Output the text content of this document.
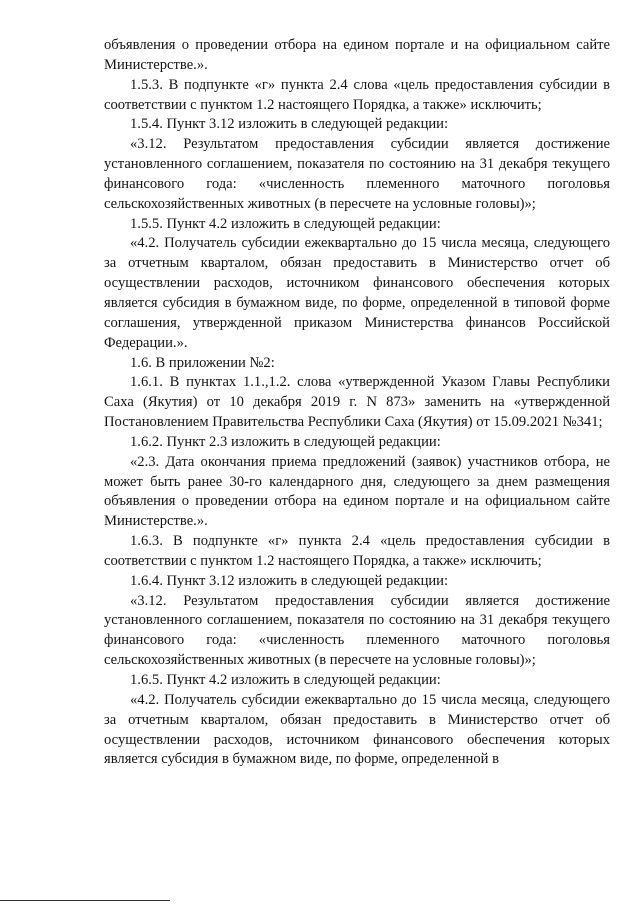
объявления о проведении отбора на едином портале и на официальном сайте Министерстве.».

1.5.3. В подпункте «г» пункта 2.4 слова «цель предоставления субсидии в соответствии с пунктом 1.2 настоящего Порядка, а также» исключить;

1.5.4. Пункт 3.12 изложить в следующей редакции:

«3.12. Результатом предоставления субсидии является достижение установленного соглашением, показателя по состоянию на 31 декабря текущего финансового года: «численность племенного маточного поголовья сельскохозяйственных животных (в пересчете на условные головы)»;

1.5.5. Пункт 4.2 изложить в следующей редакции:

«4.2. Получатель субсидии ежеквартально до 15 числа месяца, следующего за отчетным кварталом, обязан предоставить в Министерство отчет об осуществлении расходов, источником финансового обеспечения которых является субсидия в бумажном виде, по форме, определенной в типовой форме соглашения, утвержденной приказом Министерства финансов Российской Федерации.».

1.6. В приложении №2:

1.6.1. В пунктах 1.1.,1.2. слова «утвержденной Указом Главы Республики Саха (Якутия) от 10 декабря 2019 г. N 873» заменить на «утвержденной Постановлением Правительства Республики Саха (Якутия) от 15.09.2021 №341;

1.6.2. Пункт 2.3 изложить в следующей редакции:

«2.3. Дата окончания приема предложений (заявок) участников отбора, не может быть ранее 30-го календарного дня, следующего за днем размещения объявления о проведении отбора на едином портале и на официальном сайте Министерстве.».

1.6.3. В подпункте «г» пункта 2.4 «цель предоставления субсидии в соответствии с пунктом 1.2 настоящего Порядка, а также» исключить;

1.6.4. Пункт 3.12 изложить в следующей редакции:

«3.12. Результатом предоставления субсидии является достижение установленного соглашением, показателя по состоянию на 31 декабря текущего финансового года: «численность племенного маточного поголовья сельскохозяйственных животных (в пересчете на условные головы)»;

1.6.5. Пункт 4.2 изложить в следующей редакции:

«4.2. Получатель субсидии ежеквартально до 15 числа месяца, следующего за отчетным кварталом, обязан предоставить в Министерство отчет об осуществлении расходов, источником финансового обеспечения которых является субсидия в бумажном виде, по форме, определенной в
